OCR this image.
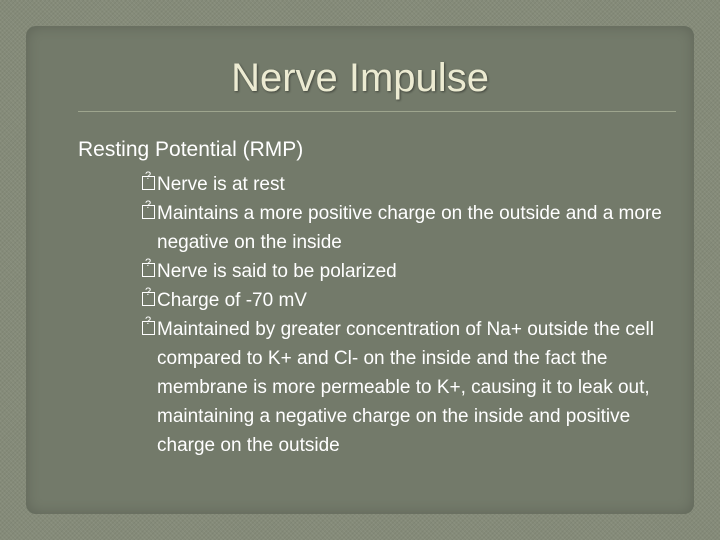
Nerve Impulse
Resting Potential (RMP)
?
Nerve is at rest
?
Maintains a more positive charge on the outside and a more negative on the inside
?
Nerve is said to be polarized
?
Charge of -70 mV
?
Maintained by greater concentration of Na+ outside the cell compared to K+ and Cl- on the inside and the fact the membrane is more permeable to K+, causing it to leak out, maintaining a negative charge on the inside and positive charge on the outside
